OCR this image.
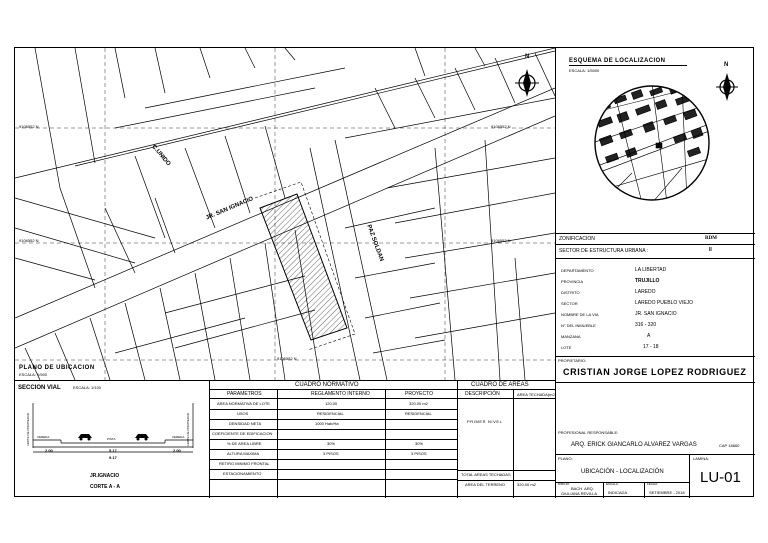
JR. SAN IGNACIO
C.UNIDO
PAZ SOLDAN
9106552 N	9106552 N
9106552 N
9106552 N
9106552 N
N
PLANO DE UBICACION
ESCALA: 1/500
ESQUEMA DE LOCALIZACION
ESCALA: 1/5000
N
ZONIFICACION	RDM
SECTOR DE ESTRUCTURA URBANA :	II
DEPARTAMENTO	LA LIBERTAD
PROVINCIA	TRUJILLO
DISTRITO	LAREDO
SECTOR	LAREDO PUEBLO VIEJO
NOMBRE DE LA VIA	JR. SAN IGNACIO
N° DEL INMUEBLE	316 - 320
MANZANA	A
LOTE	17 - 18
PROPIETARIO:
CRISTIAN JORGE LOPEZ RODRIGUEZ
PROFESIONAL RESPONSABLE:
ARQ. ERICK GIANCARLO ALVAREZ VARGAS	CAP 18660
PLANO:
UBICACIÓN - LOCALIZACIÓN
LAMINA:
LU-01
DIBUJO:
BACH. ARQ.
GIULIANA REVILLA
ESCALA:
INDICADA
FECHA:
SETIEMBRE - 2018
SECCION VIAL	ESCALA: 1/100
LIMITE DE PROPIEDAD	LIMITE DE PROPIEDAD
VEREDA	PISTA	VEREDA
2.00	5.17	2.00
9.17
JR.IGNACIO
CORTE A - A
CUADRO NORMATIVO
PARAMETROS	REGLAMENTO INTERNO	PROYECTO
AREA NORMATIVA DE LOTE	120.00	320.00 m2
USOS	RESIDENCIAL	RESIDENCIAL
DENSIDAD NETA	1000 Hab/Ha
COEFICIENTE DE EDIFICACION
% DE AREA LIBRE	30%	30%
ALTURA MAXIMA	3 PISOS	3 PISOS
RETIRO MINIMO FRONTAL
ESTACIONAMIENTO
CUADRO DE AREAS
DESCRIPCIÓN	AREA TECHADA(m2)
PRIMER NIVEL
TOTAL AREAS TECHADAS
AREA DEL TERRENO	320.00 m2
